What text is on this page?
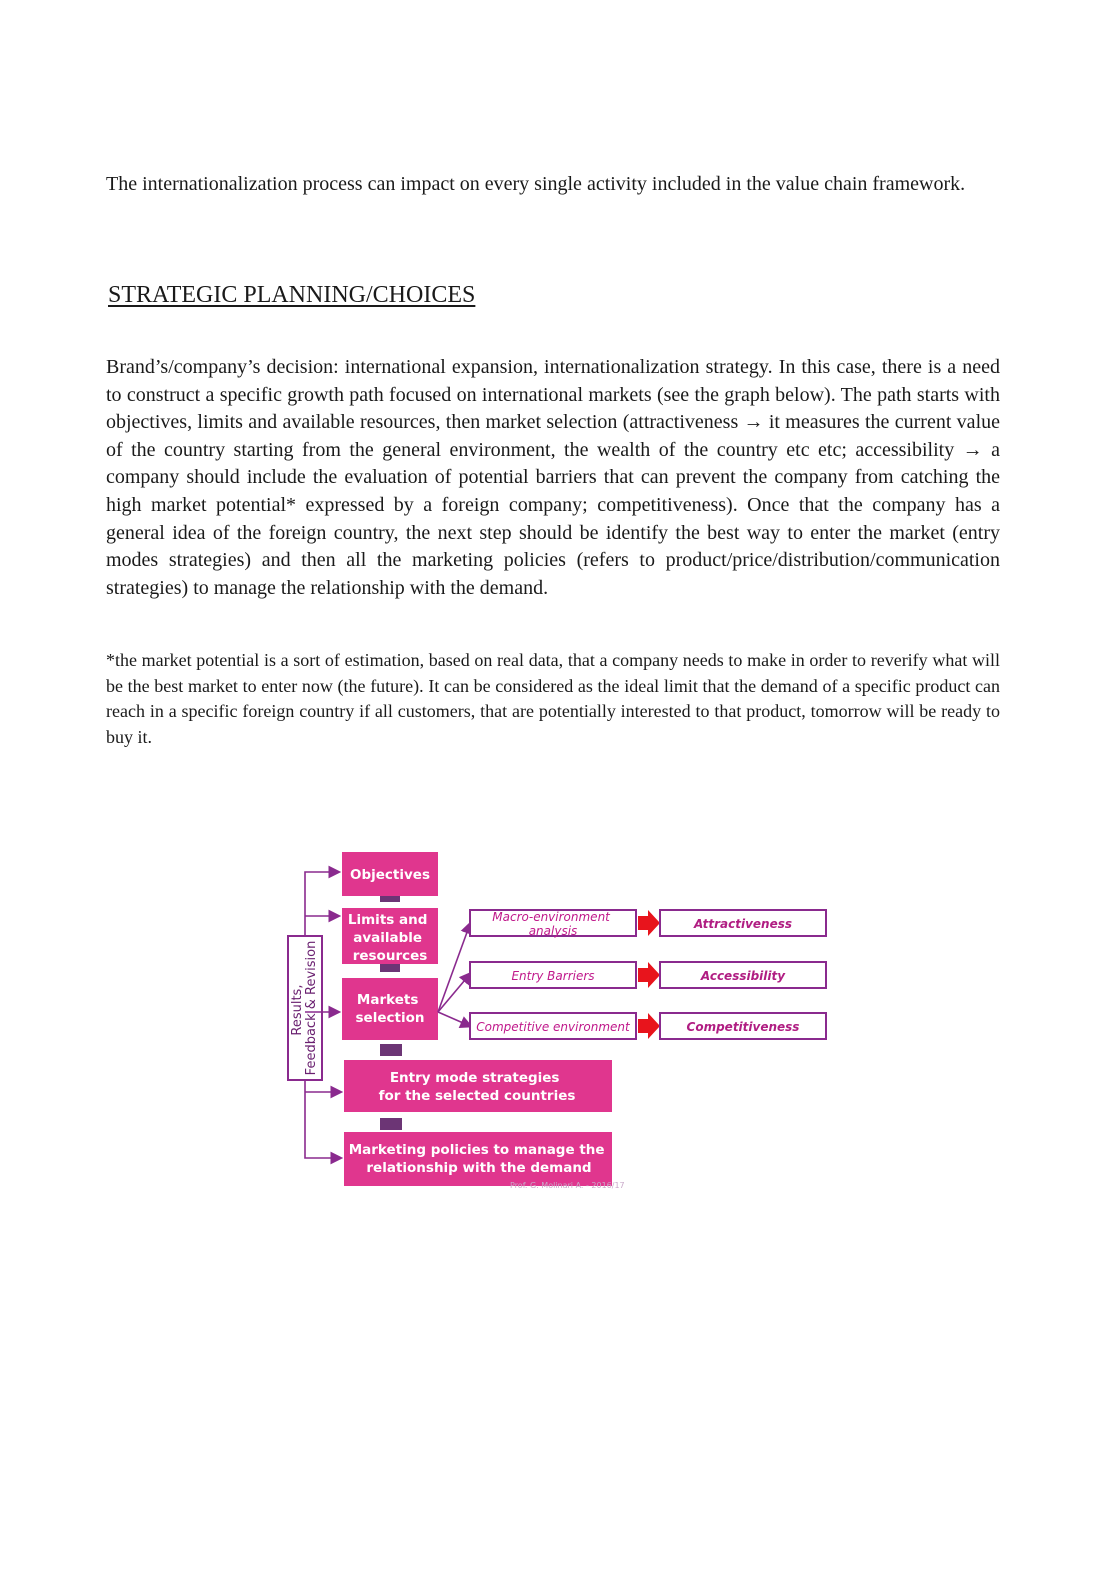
The internationalization process can impact on every single activity included in the value chain framework.

STRATEGIC PLANNING/CHOICES

Brand’s/company’s decision: international expansion, internationalization strategy. In this case, there is a need to construct a specific growth path focused on international markets (see the graph below). The path starts with objectives, limits and available resources, then market selection (attractiveness → it measures the current value of the country starting from the general environment, the wealth of the country etc etc; accessibility → a company should include the evaluation of potential barriers that can prevent the company from catching the high market potential* expressed by a foreign company; competitiveness). Once that the company has a general idea of the foreign country, the next step should be identify the best way to enter the market (entry modes strategies) and then all the marketing policies (refers to product/price/distribution/communication strategies) to manage the relationship with the demand.

*the market potential is a sort of estimation, based on real data, that a company needs to make in order to reverify what will be the best market to enter now (the future). It can be considered as the ideal limit that the demand of a specific product can reach in a specific foreign country if all customers, that are potentially interested to that product, tomorrow will be ready to buy it.

Results, Feedback & Revision
Objectives
Limits and available resources
Markets selection
Entry mode strategies for the selected countries
Marketing policies to manage the relationship with the demand
Prof. G. Molinari A. - 2016/17
Macro-environment analysis
Entry Barriers
Competitive environment
Attractiveness
Accessibility
Competitiveness
